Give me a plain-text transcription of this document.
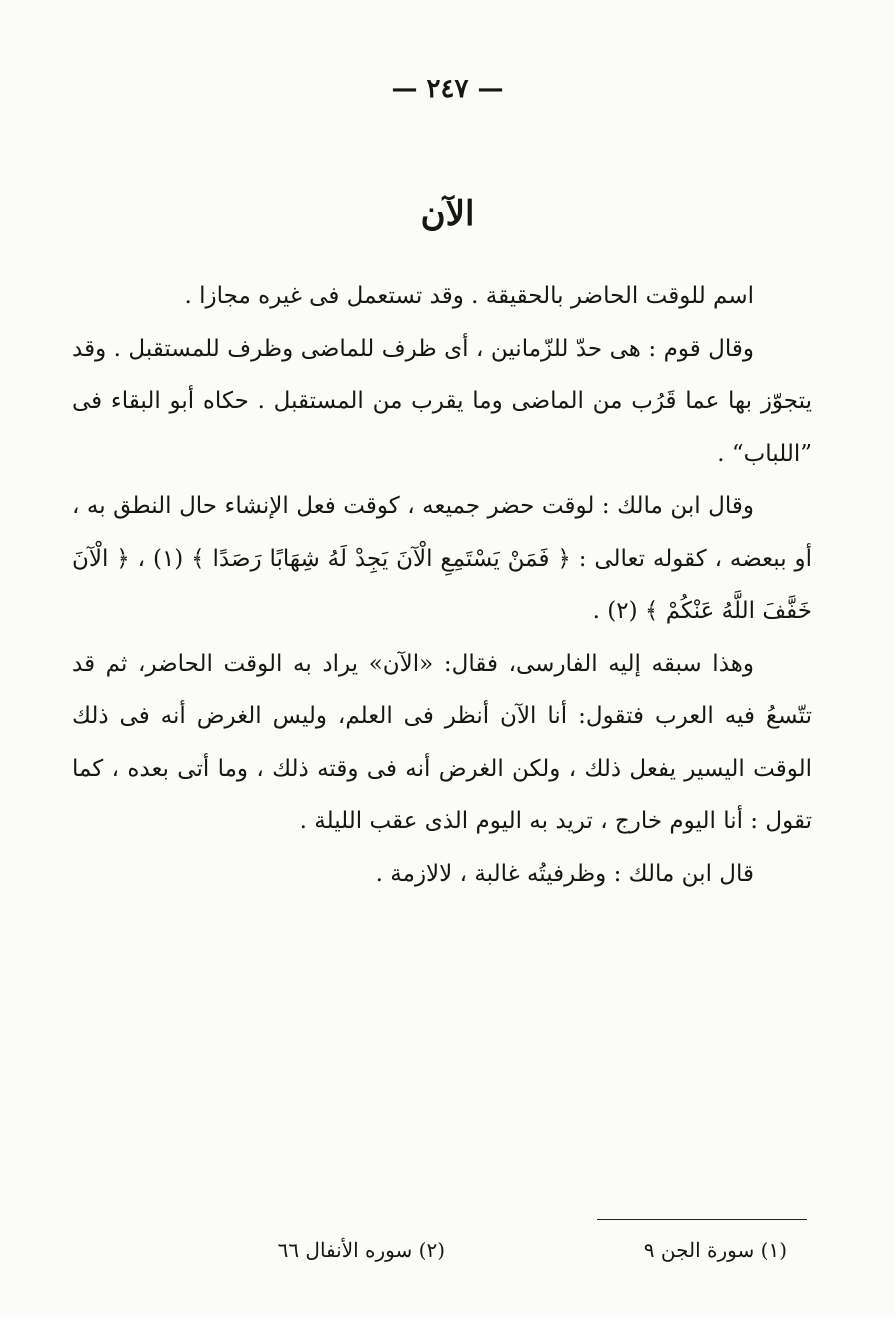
— ٢٤٧ —
الآن

اسم للوقت الحاضر بالحقيقة . وقد تستعمل فى غيره مجازا .

وقال قوم : هى حدّ للزّمانين ، أى ظرف للماضى وظرف للمستقبل . وقد يتجوّز بها عما قَرُب من الماضى وما يقرب من المستقبل . حكاه أبو البقاء فى ”اللباب“ .

وقال ابن مالك : لوقت حضر جميعه ، كوقت فعل الإنشاء حال النطق به ، أو ببعضه ، كقوله تعالى : ﴿ فَمَنْ يَسْتَمِعِ الْآنَ يَجِدْ لَهُ شِهَابًا رَصَدًا ﴾ (١) ، ﴿ الْآنَ خَفَّفَ اللَّهُ عَنْكُمْ ﴾ (٢) .

وهذا سبقه إليه الفارسى، فقال: «الآن» يراد به الوقت الحاضر، ثم قد تتّسعُ فيه العرب فتقول: أنا الآن أنظر فى العلم، وليس الغرض أنه فى ذلك الوقت اليسير يفعل ذلك ، ولكن الغرض أنه فى وقته ذلك ، وما أتى بعده ، كما تقول : أنا اليوم خارج ، تريد به اليوم الذى عقب الليلة .

قال ابن مالك : وظرفيتُه غالبة ، لالازمة .

(١) سورة الجن ٩
(٢) سوره الأنفال ٦٦
